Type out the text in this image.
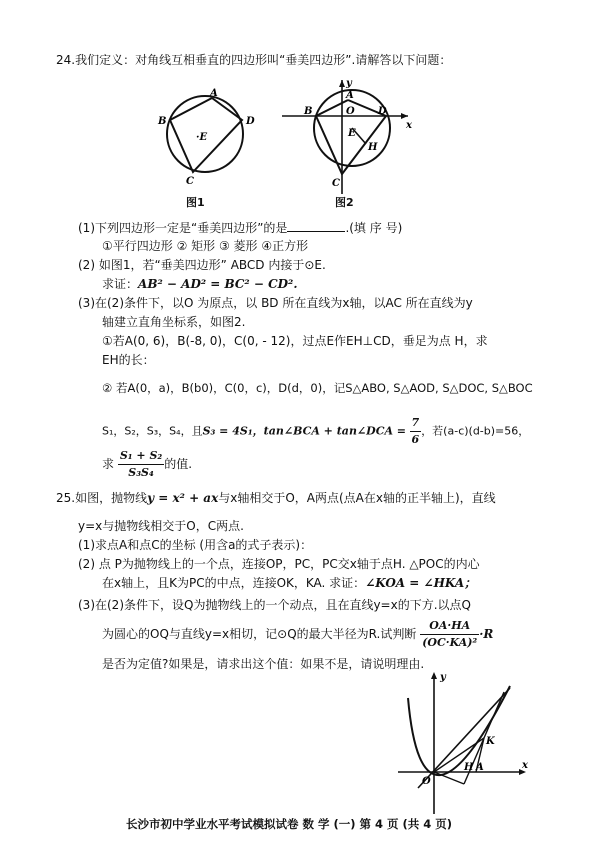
24.我们定义：对角线互相垂直的四边形叫“垂美四边形”.请解答以下问题：
A
B	D
C
·E
图1
y
x
A
B	O D
E
H
C
图2
(1)下列四边形一定是“垂美四边形”的是	.(填 序 号)
①平行四边形 ② 矩形 ③ 菱形 ④正方形
(2) 如图1，若“垂美四边形” ABCD 内接于⊙E.
求证：AB² − AD² = BC² − CD².
(3)在(2)条件下，以O 为原点，以 BD 所在直线为x轴，以AC 所在直线为y
轴建立直角坐标系，如图2.
①若A(0, 6)，B(-8, 0)，C(0, - 12)，过点E作EH⊥CD，垂足为点 H，求
EH的长：
② 若A(0，a)，B(b0)，C(0，c)，D(d，0)，记S△ABO, S△AOD, S△DOC, S△BOC
S₁，S₂，S₃，S₄，且S₃ = 4S₁，tan∠BCA + tan∠DCA = $\frac{7}{6}$ ，若(a-c)(d-b)=56，
求 $\frac{\text{S₁ + S₂}}{\text{S₃S₄}}$ 的值.
25.如图，抛物线y = x² + ax与x轴相交于O，A两点(点A在x轴的正半轴上)，直线
y=x与抛物线相交于O，C两点.
(1)求点A和点C的坐标 (用含a的式子表示)：
(2) 点 P为抛物线上的一个点，连接OP，PC，PC交x轴于点H. △POC的内心
在x轴上，且K为PC的中点，连接OK，KA. 求证：∠KOA = ∠HKA；
(3)在(2)条件下，设Q为抛物线上的一个动点，且在直线y=x的下方.以点Q
为圆心的OQ与直线y=x相切，记⊙Q的最大半径为R.试判断 $\frac{OA\cdot HA}{\text{(OC·KA)²}} \cdot R$
是否为定值?如果是，请求出这个值：如果不是，请说明理由.
y
x
O
H A
K
长沙市初中学业水平考试模拟试卷 数 学 (一) 第 4 页 (共 4 页)
